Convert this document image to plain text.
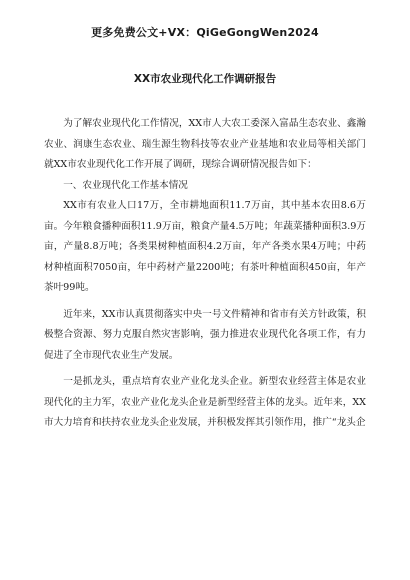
更多免费公文+VX：QiGeGongWen2024
XX市农业现代化工作调研报告

为了解农业现代化工作情况，XX市人大农工委深入富晶生态农业、鑫瀚农业、润康生态农业、瑞生源生物科技等农业产业基地和农业局等相关部门就XX市农业现代化工作开展了调研，现综合调研情况报告如下：

一、农业现代化工作基本情况

XX市有农业人口17万，全市耕地面积11.7万亩，其中基本农田8.6万亩。今年粮食播种面积11.9万亩，粮食产量4.5万吨；年蔬菜播种面积3.9万亩，产量8.8万吨；各类果树种植面积4.2万亩，年产各类水果4万吨；中药材种植面积7050亩，年中药材产量2200吨；有茶叶种植面积450亩，年产茶叶99吨。

近年来，XX市认真贯彻落实中央一号文件精神和省市有关方针政策，积极整合资源、努力克服自然灾害影响，强力推进农业现代化各项工作，有力促进了全市现代农业生产发展。

一是抓龙头，重点培育农业产业化龙头企业。新型农业经营主体是农业现代化的主力军，农业产业化龙头企业是新型经营主体的龙头。近年来，XX市大力培育和扶持农业龙头企业发展，并积极发挥其引领作用，推广“龙头企
